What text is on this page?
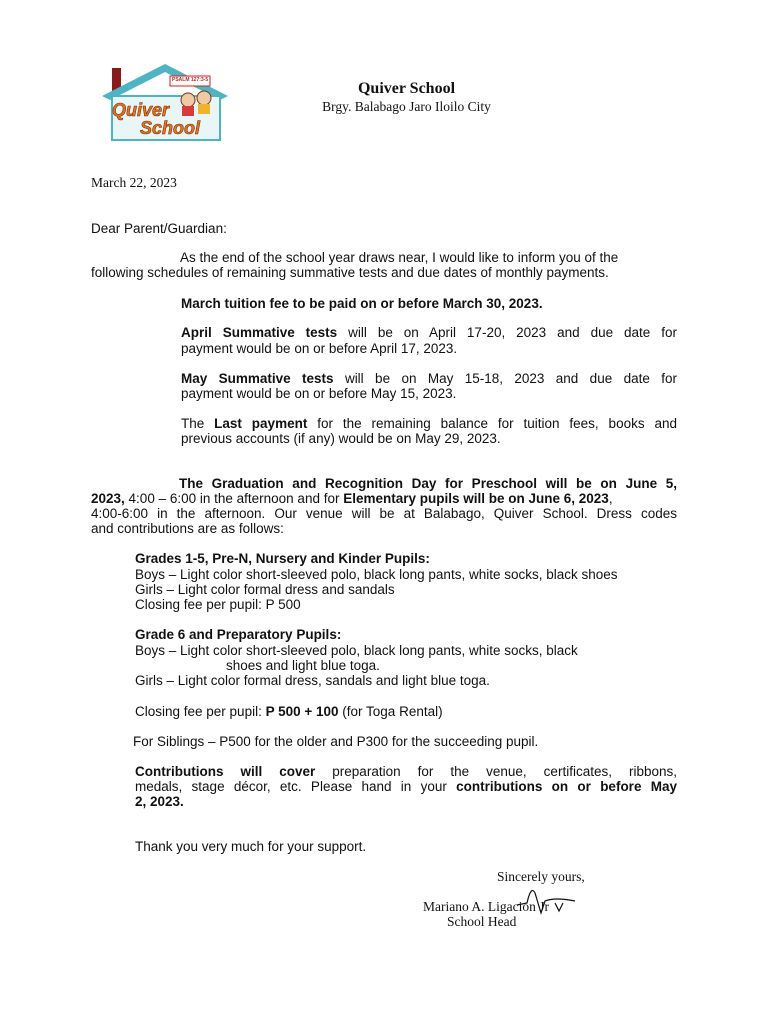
PSALM 127:3-5
Quiver
School
Quiver School
Brgy. Balabago Jaro Iloilo City
March 22, 2023
Dear Parent/Guardian:
As the end of the school year draws near, I would like to inform you of the
following schedules of remaining summative tests and due dates of monthly payments.
March tuition fee to be paid on or before March 30, 2023.
April Summative tests will be on April 17-20, 2023 and due date for
payment would be on or before April 17, 2023.
May Summative tests will be on May 15-18, 2023 and due date for
payment would be on or before May 15, 2023.
The Last payment for the remaining balance for tuition fees, books and
previous accounts (if any) would be on May 29, 2023.
The Graduation and Recognition Day for Preschool will be on June 5,
2023, 4:00 – 6:00 in the afternoon and for Elementary pupils will be on June 6, 2023,
4:00-6:00 in the afternoon. Our venue will be at Balabago, Quiver School. Dress codes
and contributions are as follows:
Grades 1-5, Pre-N, Nursery and Kinder Pupils:
Boys – Light color short-sleeved polo, black long pants, white socks, black shoes
Girls – Light color formal dress and sandals
Closing fee per pupil: P 500
Grade 6 and Preparatory Pupils:
Boys – Light color short-sleeved polo, black long pants, white socks, black
shoes and light blue toga.
Girls – Light color formal dress, sandals and light blue toga.
Closing fee per pupil: P 500 + 100 (for Toga Rental)
For Siblings – P500 for the older and P300 for the succeeding pupil.
Contributions will cover preparation for the venue, certificates, ribbons,
medals, stage décor, etc. Please hand in your contributions on or before May
2, 2023.
Thank you very much for your support.
Sincerely yours,
Mariano A. Ligacion Jr
School Head
